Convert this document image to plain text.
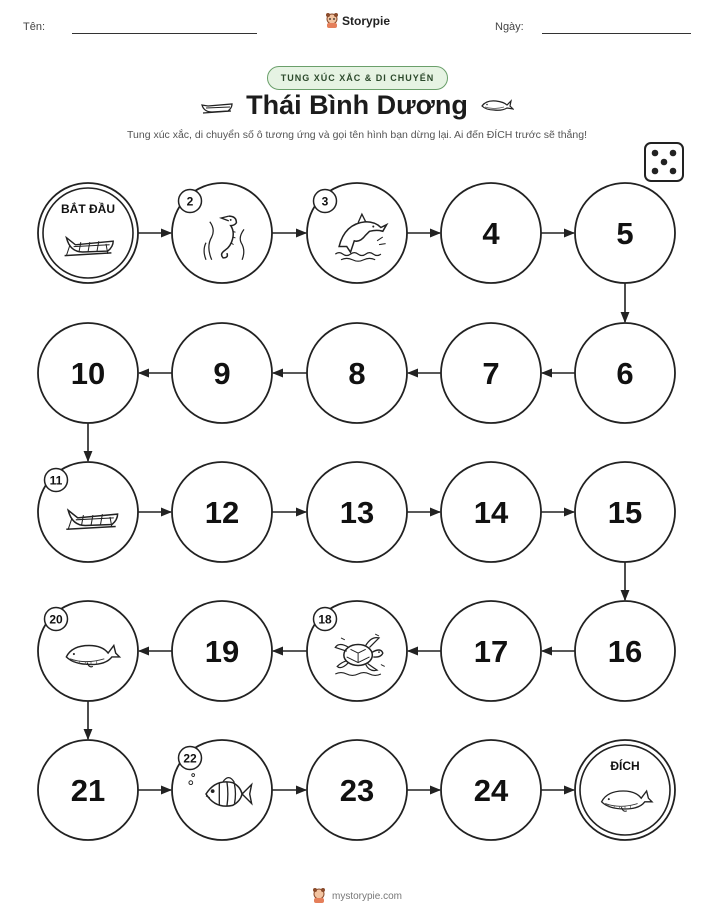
Tên:	Storypie	Ngày:
TUNG XÚC XẮC & DI CHUYỂN
Thái Bình Dương
Tung xúc xắc, di chuyển số ô tương ứng và gọi tên hình bạn dừng lại. Ai đến ĐÍCH trước sẽ thắng!
BẮT ĐẦU
2	3
4	5
6
7
8
9
10
11
12	13	14	15
16
17
18
19
20
21
22
23	24
ĐÍCH
mystorypie.com
